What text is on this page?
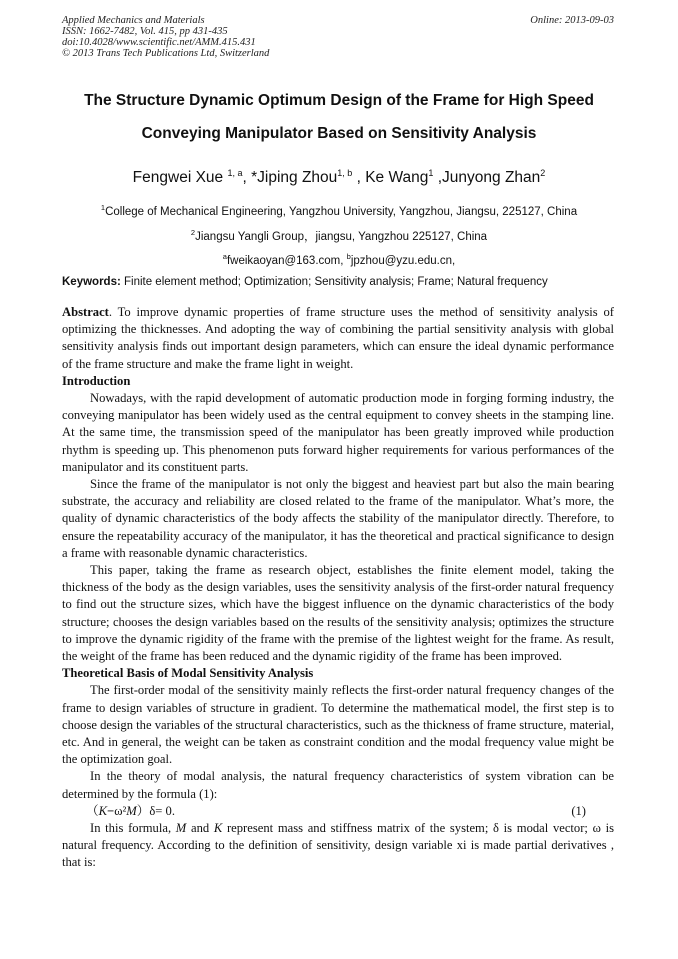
Applied Mechanics and Materials
ISSN: 1662-7482, Vol. 415, pp 431-435
doi:10.4028/www.scientific.net/AMM.415.431
© 2013 Trans Tech Publications Ltd, Switzerland
Online: 2013-09-03
The Structure Dynamic Optimum Design of the Frame for High Speed
Conveying Manipulator Based on Sensitivity Analysis
Fengwei Xue $^{1, a}$, *Jiping Zhou$^{1, b}$ , Ke Wang$^1$ ,Junyong Zhan$^2$
$^1$College of Mechanical Engineering, Yangzhou University, Yangzhou, Jiangsu, 225127, China
$^2$Jiangsu Yangli Group，jiangsu, Yangzhou 225127, China
$^a$fweikaoyan@163.com, $^b$jpzhou@yzu.edu.cn,
Keywords: Finite element method; Optimization; Sensitivity analysis; Frame; Natural frequency

Abstract. To improve dynamic properties of frame structure uses the method of sensitivity analysis of optimizing the thicknesses. And adopting the way of combining the partial sensitivity analysis with global sensitivity analysis finds out important design parameters, which can ensure the ideal dynamic performance of the frame structure and make the frame light in weight.

Introduction

Nowadays, with the rapid development of automatic production mode in forging forming industry, the conveying manipulator has been widely used as the central equipment to convey sheets in the stamping line. At the same time, the transmission speed of the manipulator has been greatly improved while production rhythm is speeding up. This phenomenon puts forward higher requirements for various performances of the manipulator and its constituent parts.

Since the frame of the manipulator is not only the biggest and heaviest part but also the main bearing substrate, the accuracy and reliability are closed related to the frame of the manipulator. What’s more, the quality of dynamic characteristics of the body affects the stability of the manipulator directly. Therefore, to ensure the repeatability accuracy of the manipulator, it has the theoretical and practical significance to design a frame with reasonable dynamic characteristics.

This paper, taking the frame as research object, establishes the finite element model, taking the thickness of the body as the design variables, uses the sensitivity analysis of the first-order natural frequency to find out the structure sizes, which have the biggest influence on the dynamic characteristics of the body structure; chooses the design variables based on the results of the sensitivity analysis; optimizes the structure to improve the dynamic rigidity of the frame with the premise of the lightest weight for the frame. As result, the weight of the frame has been reduced and the dynamic rigidity of the frame has been improved.

Theoretical Basis of Modal Sensitivity Analysis

The first-order modal of the sensitivity mainly reflects the first-order natural frequency changes of the frame to design variables of structure in gradient. To determine the mathematical model, the first step is to choose design the variables of the structural characteristics, such as the thickness of frame structure, material, etc. And in general, the weight can be taken as constraint condition and the modal frequency value might be the optimization goal.

In the theory of modal analysis, the natural frequency characteristics of system vibration can be determined by the formula (1):

（K−ω²M）δ= 0.	(1)

In this formula, M and K represent mass and stiffness matrix of the system; δ is modal vector; ω is natural frequency. According to the definition of sensitivity, design variable xi is made partial derivatives , that is:
